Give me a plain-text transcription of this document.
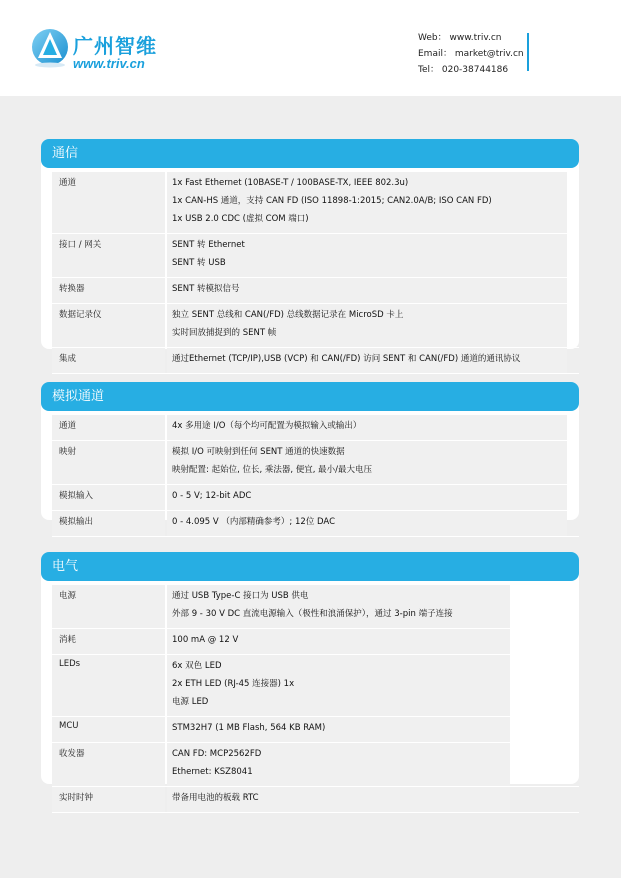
广州智维
www.triv.cn
Web： www.triv.cn
Email： market@triv.cn
Tel： 020-38744186
通信
通道	1x Fast Ethernet (10BASE-T / 100BASE-TX, IEEE 802.3u)
1x CAN-HS 通道，支持 CAN FD (ISO 11898-1:2015; CAN2.0A/B; ISO CAN FD)
1x USB 2.0 CDC (虚拟 COM 端口)
接口 / 网关	SENT 转 Ethernet
SENT 转 USB
转换器	SENT 转模拟信号
数据记录仪	独立 SENT 总线和 CAN(/FD) 总线数据记录在 MicroSD 卡上
实时回放捕捉到的 SENT 帧
集成	通过Ethernet (TCP/IP),USB (VCP) 和 CAN(/FD) 访问 SENT 和 CAN(/FD) 通道的通讯协议
模拟通道
通道	4x 多用途 I/O（每个均可配置为模拟输入或输出）
映射	模拟 I/O 可映射到任何 SENT 通道的快速数据
映射配置: 起始位, 位长, 乘法器, 便宜, 最小/最大电压
模拟输入	0 - 5 V; 12-bit ADC
模拟输出	0 - 4.095 V （内部精确参考）; 12位 DAC
电气
电源	通过 USB Type-C 接口为 USB 供电
外部 9 - 30 V DC 直流电源输入（极性和浪涌保护），通过 3-pin 端子连接
消耗	100 mA @ 12 V
LEDs	6x 双色 LED
2x ETH LED (RJ-45 连接器) 1x
电源 LED
MCU	STM32H7 (1 MB Flash, 564 KB RAM)
收发器	CAN FD: MCP2562FD
Ethernet: KSZ8041
实时时钟	带备用电池的板载 RTC
